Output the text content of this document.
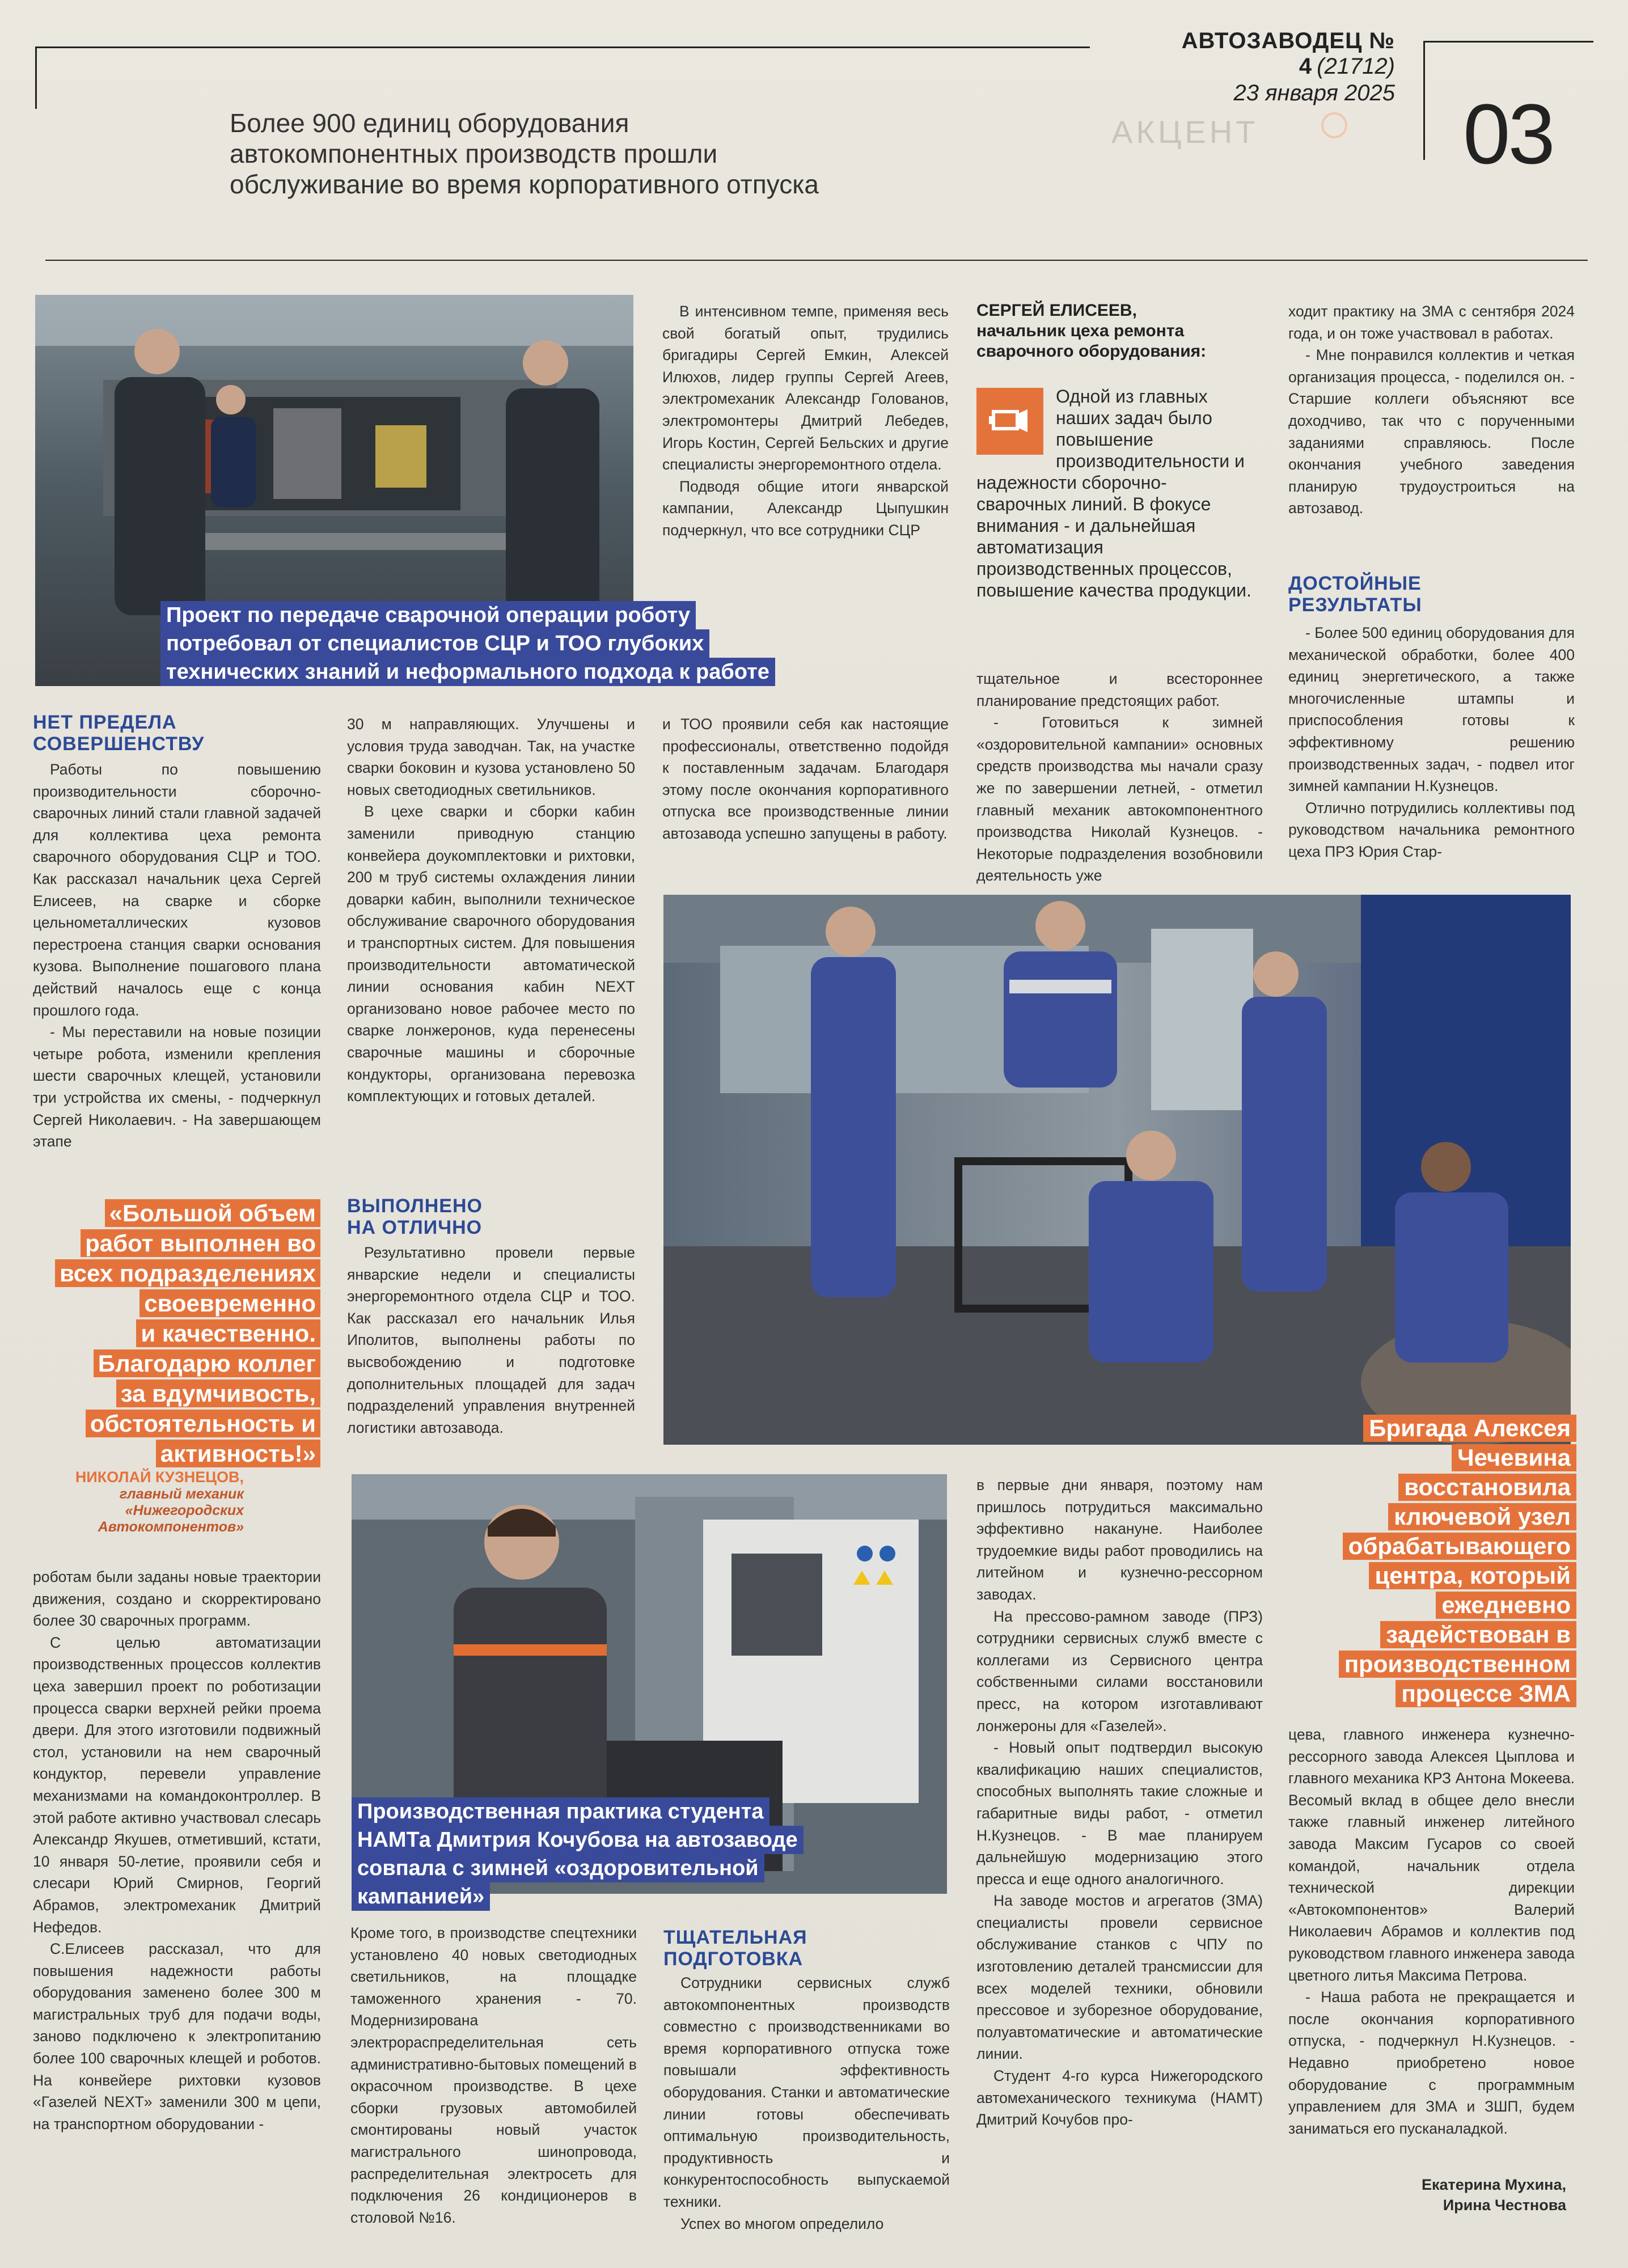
АВТОЗАВОДЕЦ № 4 (21712)
23 января 2025 03
АКЦЕНТ
Более 900 единиц оборудования
автокомпонентных производств прошли
обслуживание во время корпоративного отпуска
Проект по передаче сварочной операции роботу
потребовал от специалистов СЦР и ТОО глубоких
технических знаний и неформального подхода к работе
НЕТ ПРЕДЕЛА
СОВЕРШЕНСТВУ

Работы по повышению производительности сборочно-сварочных линий стали главной задачей для коллектива цеха ремонта сварочного оборудования СЦР и ТОО. Как рассказал начальник цеха Сергей Елисеев, на сварке и сборке цельнометаллических кузовов перестроена станция сварки основания кузова. Выполнение пошагового плана действий началось еще с конца прошлого года.

- Мы переставили на новые позиции четыре робота, изменили крепления шести сварочных клещей, установили три устройства их смены, - подчеркнул Сергей Николаевич. - На завершающем этапе

«Большой объем
работ выполнен во
всех подразделениях
своевременно
и качественно.
Благодарю коллег
за вдумчивость,
обстоятельность и
активность!»
НИКОЛАЙ КУЗНЕЦОВ,
главный механик
«Нижегородских
Автокомпонентов»

роботам были заданы новые траектории движения, создано и скорректировано более 30 сварочных программ.

С целью автоматизации производственных процессов коллектив цеха завершил проект по роботизации процесса сварки верхней рейки проема двери. Для этого изготовили подвижный стол, установили на нем сварочный кондуктор, перевели управление механизмами на командоконтроллер. В этой работе активно участвовал слесарь Александр Якушев, отметивший, кстати, 10 января 50-летие, проявили себя и слесари Юрий Смирнов, Георгий Абрамов, электромеханик Дмитрий Нефедов.

С.Елисеев рассказал, что для повышения надежности работы оборудования заменено более 300 м магистральных труб для подачи воды, заново подключено к электропитанию более 100 сварочных клещей и роботов. На конвейере рихтовки кузовов «Газелей NEXT» заменили 300 м цепи, на транспортном оборудовании -

30 м направляющих. Улучшены и условия труда заводчан. Так, на участке сварки боковин и кузова установлено 50 новых светодиодных светильников.

В цехе сварки и сборки кабин заменили приводную станцию конвейера доукомплектовки и рихтовки, 200 м труб системы охлаждения линии доварки кабин, выполнили техническое обслуживание сварочного оборудования и транспортных систем. Для повышения производительности автоматической линии основания кабин NEXT организовано новое рабочее место по сварке лонжеронов, куда перенесены сварочные машины и сборочные кондукторы, организована перевозка комплектующих и готовых деталей.

ВЫПОЛНЕНО
НА ОТЛИЧНО

Результативно провели первые январские недели и специалисты энергоремонтного отдела СЦР и ТОО. Как рассказал его начальник Илья Иполитов, выполнены работы по высвобождению и подготовке дополнительных площадей для задач подразделений управления внутренней логистики автозавода.

В интенсивном темпе, применяя весь свой богатый опыт, трудились бригадиры Сергей Емкин, Алексей Илюхов, лидер группы Сергей Агеев, электромеханик Александр Голованов, электромонтеры Дмитрий Лебедев, Игорь Костин, Сергей Бельских и другие специалисты энергоремонтного отдела.

Подводя общие итоги январской кампании, Александр Цыпушкин подчеркнул, что все сотрудники СЦР

и ТОО проявили себя как настоящие профессионалы, ответственно подойдя к поставленным задачам. Благодаря этому после окончания корпоративного отпуска все производственные линии автозавода успешно запущены в работу.

СЕРГЕЙ ЕЛИСЕЕВ,
начальник цеха ремонта
сварочного оборудования:
Одной из главных наших задач было повышение производительности и надежности сборочно-сварочных линий. В фокусе внимания - и дальнейшая автоматизация производственных процессов, повышение качества продукции.

тщательное и всестороннее планирование предстоящих работ.

- Готовиться к зимней «оздоровительной кампании» основных средств производства мы начали сразу же по завершении летней, - отметил главный механик автокомпонентного производства Николай Кузнецов. - Некоторые подразделения возобновили деятельность уже

ходит практику на ЗМА с сентября 2024 года, и он тоже участвовал в работах.

- Мне понравился коллектив и четкая организация процесса, - поделился он. - Старшие коллеги объясняют все доходчиво, так что с порученными заданиями справляюсь. После окончания учебного заведения планирую трудоустроиться на автозавод.

ДОСТОЙНЫЕ
РЕЗУЛЬТАТЫ

- Более 500 единиц оборудования для механической обработки, более 400 единиц энергетического, а также многочисленные штампы и приспособления готовы к эффективному решению производственных задач, - подвел итог зимней кампании Н.Кузнецов.

Отлично потрудились коллективы под руководством начальника ремонтного цеха ПРЗ Юрия Стар-

Бригада Алексея
Чечевина
восстановила
ключевой узел
обрабатывающего
центра, который
ежедневно
задействован в
производственном
процессе ЗМА
Производственная практика студента
НАМТа Дмитрия Кочубова на автозаводе
совпала с зимней «оздоровительной
кампанией»

Кроме того, в производстве спецтехники установлено 40 новых светодиодных светильников, на площадке таможенного хранения - 70. Модернизирована электрораспределительная сеть административно-бытовых помещений в окрасочном производстве. В цехе сборки грузовых автомобилей смонтированы новый участок магистрального шинопровода, распределительная электросеть для подключения 26 кондиционеров в столовой №16.

ТЩАТЕЛЬНАЯ
ПОДГОТОВКА

Сотрудники сервисных служб автокомпонентных производств совместно с производственниками во время корпоративного отпуска тоже повышали эффективность оборудования. Станки и автоматические линии готовы обеспечивать оптимальную производительность, продуктивность и конкурентоспособность выпускаемой техники.

Успех во многом определило

в первые дни января, поэтому нам пришлось потрудиться максимально эффективно накануне. Наиболее трудоемкие виды работ проводились на литейном и кузнечно-рессорном заводах.

На прессово-рамном заводе (ПРЗ) сотрудники сервисных служб вместе с коллегами из Сервисного центра собственными силами восстановили пресс, на котором изготавливают лонжероны для «Газелей».

- Новый опыт подтвердил высокую квалификацию наших специалистов, способных выполнять такие сложные и габаритные виды работ, - отметил Н.Кузнецов. - В мае планируем дальнейшую модернизацию этого пресса и еще одного аналогичного.

На заводе мостов и агрегатов (ЗМА) специалисты провели сервисное обслуживание станков с ЧПУ по изготовлению деталей трансмиссии для всех моделей техники, обновили прессовое и зуборезное оборудование, полуавтоматические и автоматические линии.

Студент 4-го курса Нижегородского автомеханического техникума (НАМТ) Дмитрий Кочубов про-

цева, главного инженера кузнечно-рессорного завода Алексея Цыплова и главного механика КРЗ Антона Мокеева. Весомый вклад в общее дело внесли также главный инженер литейного завода Максим Гусаров со своей командой, начальник отдела технической дирекции «Автокомпонентов» Валерий Николаевич Абрамов и коллектив под руководством главного инженера завода цветного литья Максима Петрова.

- Наша работа не прекращается и после окончания корпоративного отпуска, - подчеркнул Н.Кузнецов. - Недавно приобретено новое оборудование с программным управлением для ЗМА и ЗШП, будем заниматься его пусканаладкой.

Екатерина Мухина,
Ирина Честнова
